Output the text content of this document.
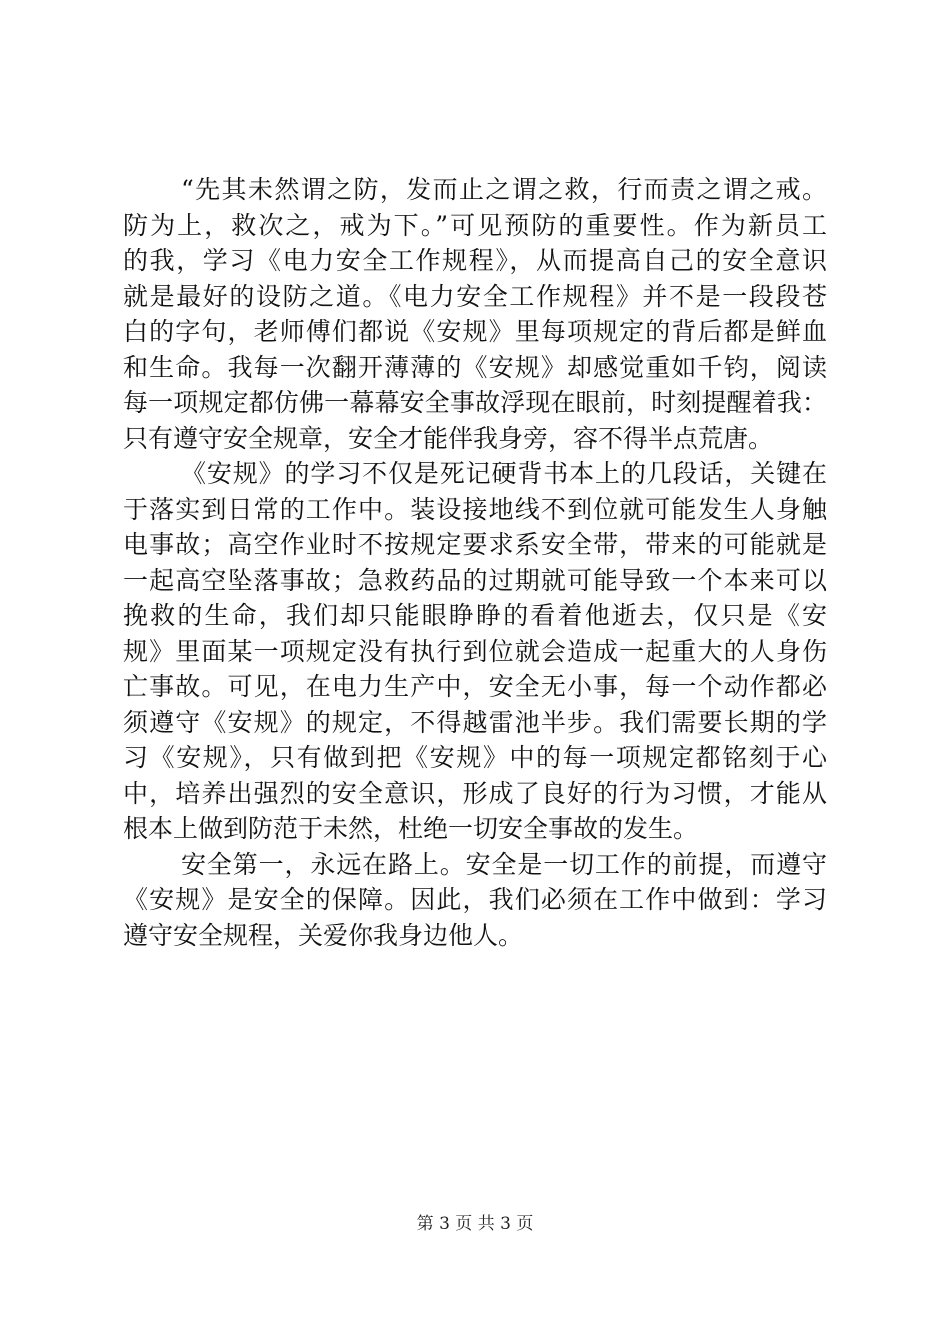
“先其未然谓之防，发而止之谓之救，行而责之谓之戒。
防为上，救次之，戒为下。”可见预防的重要性。作为新员工
的我，学习《电力安全工作规程》，从而提高自己的安全意识
就是最好的设防之道。《电力安全工作规程》并不是一段段苍
白的字句，老师傅们都说《安规》里每项规定的背后都是鲜血
和生命。我每一次翻开薄薄的《安规》却感觉重如千钧，阅读
每一项规定都仿佛一幕幕安全事故浮现在眼前，时刻提醒着我：
只有遵守安全规章，安全才能伴我身旁，容不得半点荒唐。
《安规》的学习不仅是死记硬背书本上的几段话，关键在
于落实到日常的工作中。装设接地线不到位就可能发生人身触
电事故；高空作业时不按规定要求系安全带，带来的可能就是
一起高空坠落事故；急救药品的过期就可能导致一个本来可以
挽救的生命，我们却只能眼睁睁的看着他逝去，仅只是《安
规》里面某一项规定没有执行到位就会造成一起重大的人身伤
亡事故。可见，在电力生产中，安全无小事，每一个动作都必
须遵守《安规》的规定，不得越雷池半步。我们需要长期的学
习《安规》，只有做到把《安规》中的每一项规定都铭刻于心
中，培养出强烈的安全意识，形成了良好的行为习惯，才能从
根本上做到防范于未然，杜绝一切安全事故的发生。
安全第一，永远在路上。安全是一切工作的前提，而遵守
《安规》是安全的保障。因此，我们必须在工作中做到：学习
遵守安全规程，关爱你我身边他人。
第 3 页 共 3 页
